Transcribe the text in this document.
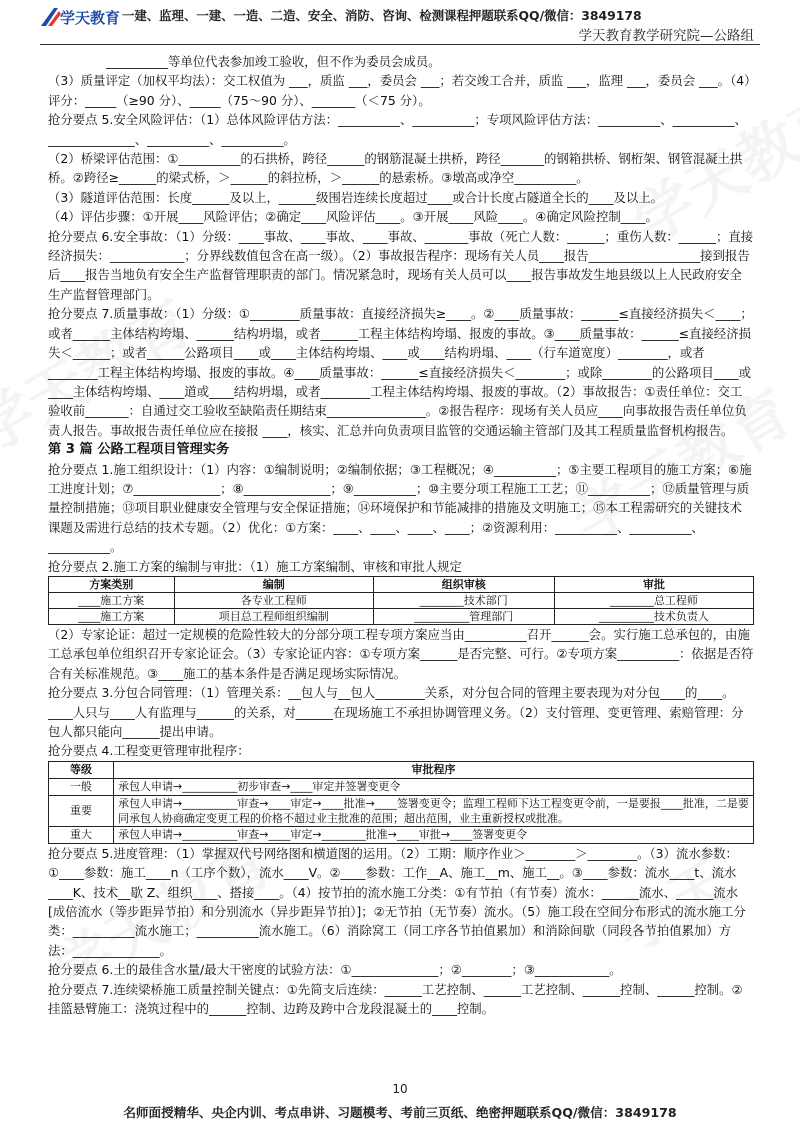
学天教育 一建、监理、一建、一造、二造、安全、消防、咨询、检测课程押题联系QQ/微信：3849178
学天教育教学研究院—公路组

__________等单位代表参加竣工验收，但不作为委员会成员。

（3）质量评定（加权平均法）：交工权值为 ___，质监 ___，委员会 ___；若交竣工合并，质监 ___，监理 ___，委员会 ___。（4）评分：_____（≥90 分）、_____（75～90 分）、_______（＜75 分）。

抢分要点 5.安全风险评估：（1）总体风险评估方法：__________、__________；专项风险评估方法：__________、__________、______________、__________、__________。

（2）桥梁评估范围：①__________的石拱桥，跨径______的钢筋混凝土拱桥，跨径_______的钢箱拱桥、钢桁架、钢管混凝土拱桥。②跨径≥______的梁式桥，＞______的斜拉桥，＞______的悬索桥。③墩高或净空__________。

（3）隧道评估范围：长度______及以上，______级围岩连续长度超过____或合计长度占隧道全长的____及以上。

（4）评估步骤：①开展____风险评估；②确定____风险评估____。③开展____风险____。④确定风险控制____。

抢分要点 6.安全事故：（1）分级：____事故、____事故、____事故、_______事故（死亡人数：______；重伤人数：______；直接经济损失：____________；分界线数值包含在高一级）。（2）事故报告程序：现场有关人员____报告__________________接到报告后____报告当地负有安全生产监督管理职责的部门。情况紧急时，现场有关人员可以____报告事故发生地县级以上人民政府安全生产监督管理部门。

抢分要点 7.质量事故：（1）分级：①________质量事故：直接经济损失≥____。②____质量事故：______≤直接经济损失＜____；或者______主体结构垮塌、______结构坍塌，或者______工程主体结构垮塌、报废的事故。③____质量事故：______≤直接经济损失＜______；或者______公路项目____或____主体结构垮塌、____或____结构坍塌、____（行车道宽度）________，或者________工程主体结构垮塌、报废的事故。④____质量事故：______≤直接经济损失＜________；或除________的公路项目____或____主体结构垮塌、____道或____结构坍塌，或者________工程主体结构垮塌、报废的事故。（2）事故报告：①责任单位：交工验收前_______：自通过交工验收至缺陷责任期结束________________。②报告程序：现场有关人员应____向事故报告责任单位负责人报告。事故报告责任单位应在接报 ____，核实、汇总并向负责项目监管的交通运输主管部门及其工程质量监督机构报告。

第 3 篇 公路工程项目管理实务

抢分要点 1.施工组织设计：（1）内容：①编制说明；②编制依据；③工程概况；④__________；⑤主要工程项目的施工方案；⑥施工进度计划；⑦______________；⑧______________；⑨__________；⑩主要分项工程施工工艺；⑪__________；⑫质量管理与质量控制措施；⑬项目职业健康安全管理与安全保证措施；⑭环境保护和节能减排的措施及文明施工；⑮本工程需研究的关键技术课题及需进行总结的技术专题。（2）优化：①方案：____、____、____、____；②资源利用：__________、__________、__________。

抢分要点 2.施工方案的编制与审批：（1）施工方案编制、审核和审批人规定

方案类别	编制	组织审核	审批
____施工方案	各专业工程师	________技术部门	________总工程师
____施工方案	项目总工程师组织编制	__________管理部门	__________技术负责人

（2）专家论证：超过一定规模的危险性较大的分部分项工程专项方案应当由__________召开______会。实行施工总承包的，由施工总承包单位组织召开专家论证会。（3）专家论证内容：①专项方案______是否完整、可行。②专项方案__________：依据是否符合有关标准规范。③____施工的基本条件是否满足现场实际情况。

抢分要点 3.分包合同管理：（1）管理关系：__包人与__包人________关系，对分包合同的管理主要表现为对分包____的____。____人只与____人有监理与______的关系，对______在现场施工不承担协调管理义务。（2）支付管理、变更管理、索赔管理：分包人都只能向______提出申请。

抢分要点 4.工程变更管理审批程序：

等级	审批程序
一般	承包人申请→__________初步审查→____审定并签署变更令
重要	承包人申请→__________审查→____审定→____批准→____签署变更令；监理工程师下达工程变更令前，一是要报____批准，二是要同承包人协商确定变更工程的价格不超过业主批准的范围；超出范围，业主重新授权或批准。
重大	承包人申请→__________审查→____审定→________批准→____审批→____签署变更令

抢分要点 5.进度管理：（1）掌握双代号网络图和横道图的运用。（2）工期：顺序作业＞________＞________。（3）流水参数：①____参数：施工____n（工序个数），流水____V。②____参数：工作__A、施工__m、施工__。③____参数：流水____t、流水____K、技术__歇 Z、组织____、搭接____。（4）按节拍的流水施工分类：①有节拍（有节奏）流水：______流水、______流水[成倍流水（等步距异节拍）和分别流水（异步距异节拍）]；②无节拍（无节奏）流水。（5）施工段在空间分布形式的流水施工分类：__________流水施工；__________流水施工。（6）消除窝工（同工序各节拍值累加）和消除间歇（同段各节拍值累加）方法：______________。

抢分要点 6.土的最佳含水量/最大干密度的试验方法：①______________；②________；③____________。

抢分要点 7.连续梁桥施工质量控制关键点：①先简支后连续：______工艺控制、______工艺控制、______控制、______控制。②挂篮悬臂施工：浇筑过程中的______控制、边跨及跨中合龙段混凝土的____控制。

10
名师面授精华、央企内训、考点串讲、习题模考、考前三页纸、绝密押题联系QQ/微信：3849178
